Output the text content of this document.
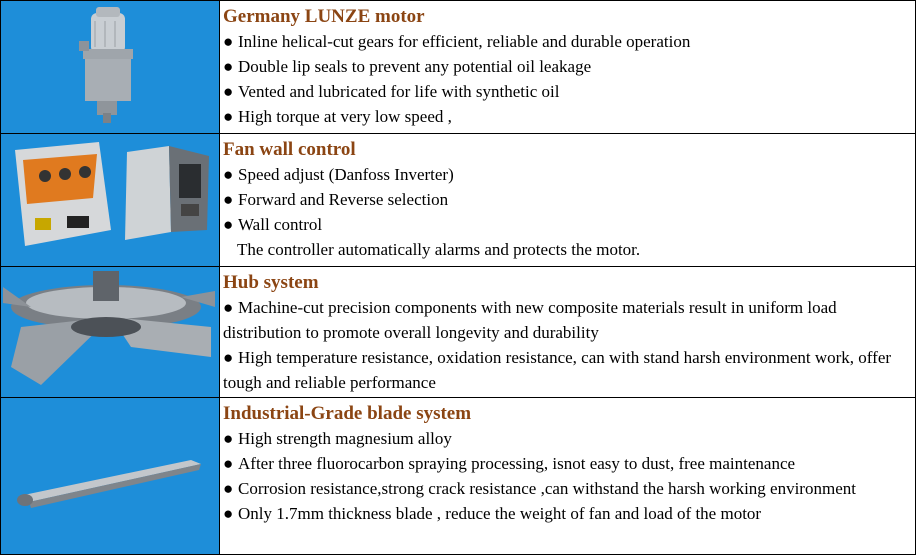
Germany LUNZE motor
● Inline helical-cut gears for efficient, reliable and durable operation
● Double lip seals to prevent any potential oil leakage
● Vented and lubricated for life with synthetic oil
● High torque at very low speed ,
Fan wall control
● Speed adjust (Danfoss Inverter)
● Forward and Reverse selection
● Wall control
The controller automatically alarms and protects the motor.
Hub system
● Machine-cut precision components with new composite materials result in uniform load distribution to promote overall longevity and durability
● High temperature resistance, oxidation resistance, can with stand harsh environment work, offer tough and reliable performance
Industrial-Grade blade system
● High strength magnesium alloy
● After three fluorocarbon spraying processing, isnot easy to dust, free maintenance
● Corrosion resistance,strong crack resistance ,can withstand the harsh working environment
● Only 1.7mm thickness blade , reduce the weight of fan and load of the motor
